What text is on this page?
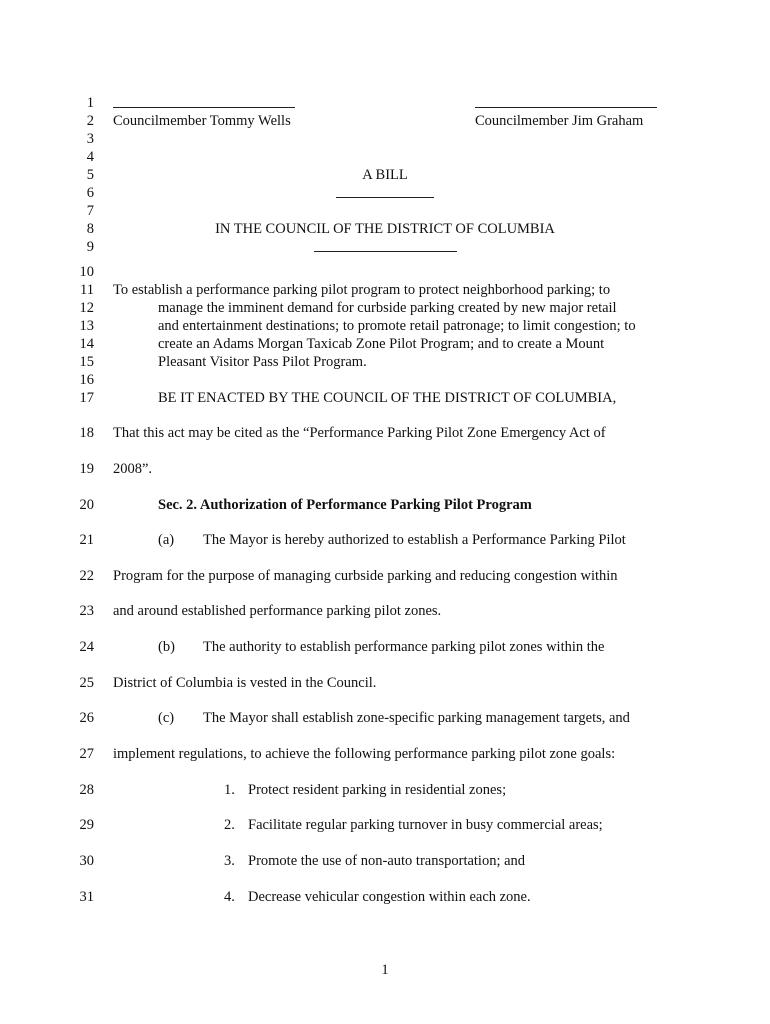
1
2
3
4
5
6
7
8
9
10
11
12
13
14
15
16
17
18
19
20
21
22
23
24
25
26
27
28
29
30
31
Councilmember Tommy Wells	Councilmember Jim Graham
A BILL
IN THE COUNCIL OF THE DISTRICT OF COLUMBIA
To establish a performance parking pilot program to protect neighborhood parking; to
manage the imminent demand for curbside parking created by new major retail
and entertainment destinations; to promote retail patronage; to limit congestion; to
create an Adams Morgan Taxicab Zone Pilot Program; and to create a Mount
Pleasant Visitor Pass Pilot Program.
BE IT ENACTED BY THE COUNCIL OF THE DISTRICT OF COLUMBIA,
That this act may be cited as the “Performance Parking Pilot Zone Emergency Act of
2008”.
Sec. 2. Authorization of Performance Parking Pilot Program
(a) The Mayor is hereby authorized to establish a Performance Parking Pilot
Program for the purpose of managing curbside parking and reducing congestion within
and around established performance parking pilot zones.
(b) The authority to establish performance parking pilot zones within the
District of Columbia is vested in the Council.
(c) The Mayor shall establish zone-specific parking management targets, and
implement regulations, to achieve the following performance parking pilot zone goals:
1. Protect resident parking in residential zones;
2. Facilitate regular parking turnover in busy commercial areas;
3. Promote the use of non-auto transportation; and
4. Decrease vehicular congestion within each zone.
1
